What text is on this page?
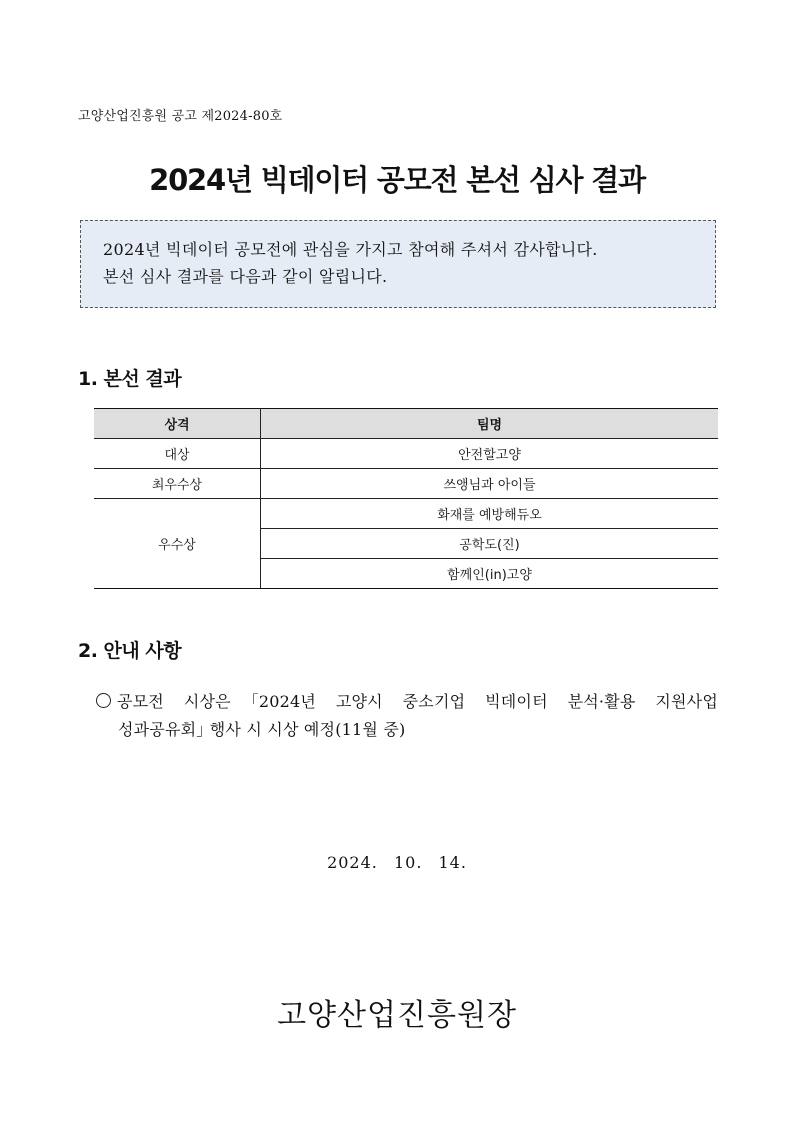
고양산업진흥원 공고 제2024-80호
2024년 빅데이터 공모전 본선 심사 결과
2024년 빅데이터 공모전에 관심을 가지고 참여해 주셔서 감사합니다.
본선 심사 결과를 다음과 같이 알립니다.
1. 본선 결과
상격	팀명
대상	안전할고양
최우수상	쓰앵님과 아이들
우수상	화재를 예방해듀오
	공학도(진)
	함께인(in)고양
2. 안내 사항
공모전 시상은 ｢2024년 고양시 중소기업 빅데이터 분석·활용 지원사업
성과공유회｣ 행사 시 시상 예정(11월 중)
2024. 10. 14.
고양산업진흥원장
